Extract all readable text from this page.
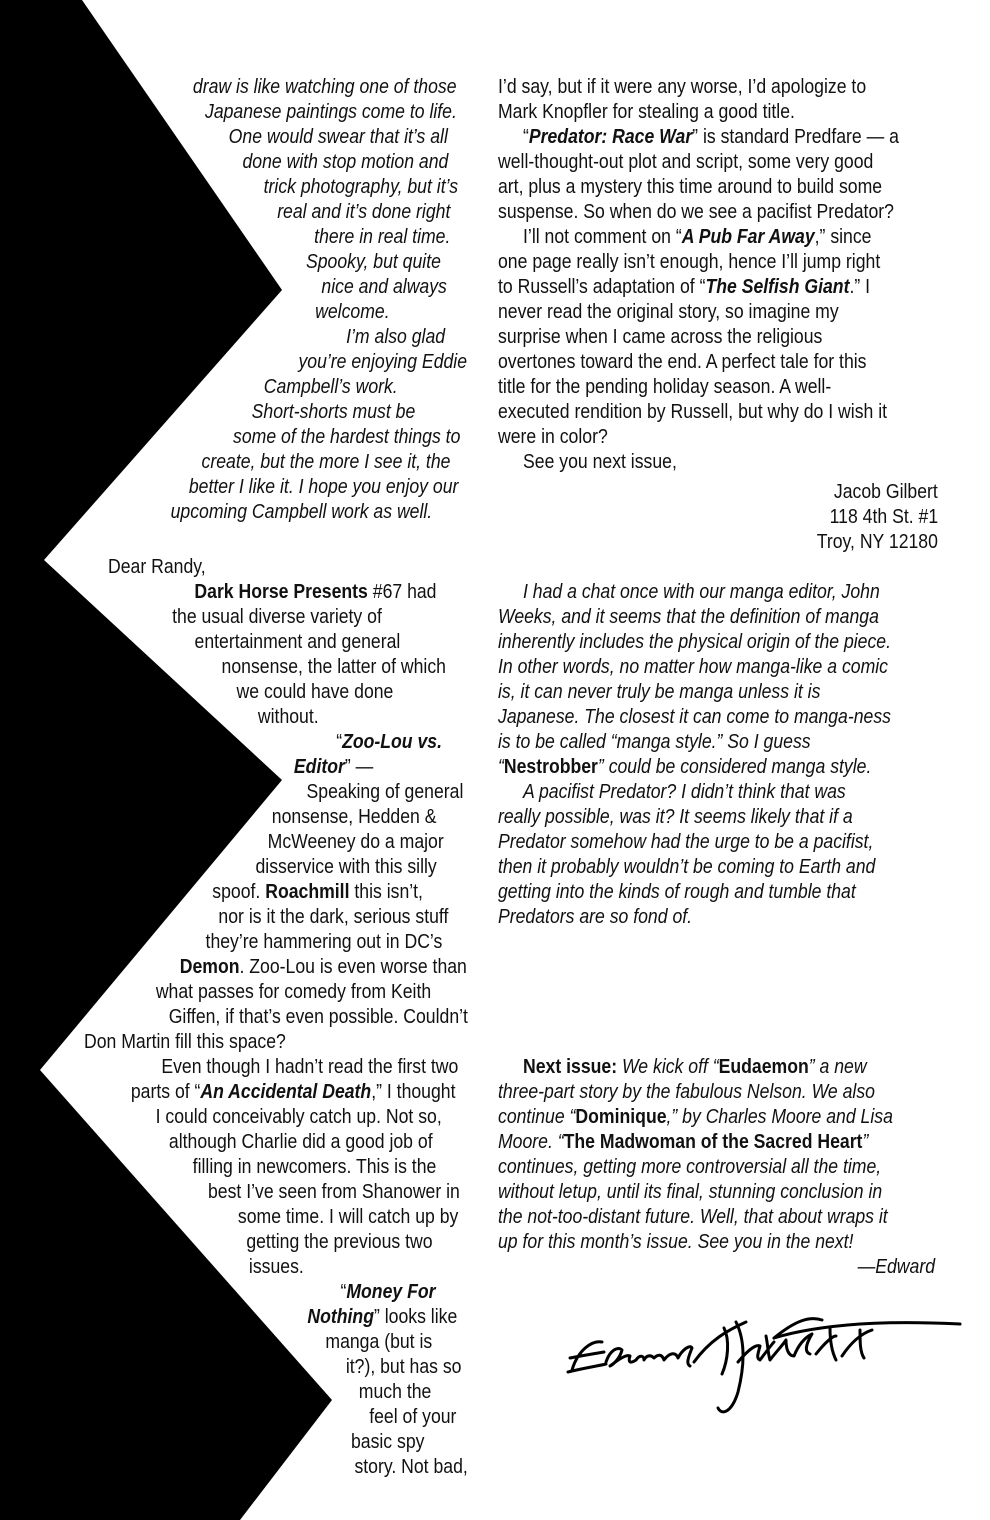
draw is like watching one of those
Japanese paintings come to life.
One would swear that it’s all
done with stop motion and
trick photography, but it’s
real and it’s done right
there in real time.
Spooky, but quite
nice and always
welcome.
I’m also glad
you’re enjoying Eddie
Campbell’s work.
Short-shorts must be
some of the hardest things to
create, but the more I see it, the
better I like it. I hope you enjoy our
upcoming Campbell work as well.
Dear Randy,
Dark Horse Presents #67 had
the usual diverse variety of
entertainment and general
nonsense, the latter of which
we could have done
without.
“Zoo-Lou vs.
Editor” —
Speaking of general
nonsense, Hedden &
McWeeney do a major
disservice with this silly
spoof. Roachmill this isn’t,
nor is it the dark, serious stuff
they’re hammering out in DC’s
Demon. Zoo-Lou is even worse than
what passes for comedy from Keith
Giffen, if that’s even possible. Couldn’t
Don Martin fill this space?
Even though I hadn’t read the first two
parts of “An Accidental Death,” I thought
I could conceivably catch up. Not so,
although Charlie did a good job of
filling in newcomers. This is the
best I’ve seen from Shanower in
some time. I will catch up by
getting the previous two
issues.
“Money For
Nothing” looks like
manga (but is
it?), but has so
much the
feel of your
basic spy
story. Not bad,
I’d say, but if it were any worse, I’d apologize to
Mark Knopfler for stealing a good title.
“Predator: Race War” is standard Predfare — a
well-thought-out plot and script, some very good
art, plus a mystery this time around to build some
suspense. So when do we see a pacifist Predator?
I’ll not comment on “A Pub Far Away,” since
one page really isn’t enough, hence I’ll jump right
to Russell’s adaptation of “The Selfish Giant.” I
never read the original story, so imagine my
surprise when I came across the religious
overtones toward the end. A perfect tale for this
title for the pending holiday season. A well-
executed rendition by Russell, but why do I wish it
were in color?
See you next issue,
Jacob Gilbert
118 4th St. #1
Troy, NY 12180
I had a chat once with our manga editor, John
Weeks, and it seems that the definition of manga
inherently includes the physical origin of the piece.
In other words, no matter how manga-like a comic
is, it can never truly be manga unless it is
Japanese. The closest it can come to manga-ness
is to be called “manga style.” So I guess
“Nestrobber” could be considered manga style.
A pacifist Predator? I didn’t think that was
really possible, was it? It seems likely that if a
Predator somehow had the urge to be a pacifist,
then it probably wouldn’t be coming to Earth and
getting into the kinds of rough and tumble that
Predators are so fond of.
Next issue: We kick off “Eudaemon” a new
three-part story by the fabulous Nelson. We also
continue “Dominique,” by Charles Moore and Lisa
Moore. “The Madwoman of the Sacred Heart”
continues, getting more controversial all the time,
without letup, until its final, stunning conclusion in
the not-too-distant future. Well, that about wraps it
up for this month’s issue. See you in the next!
—Edward
